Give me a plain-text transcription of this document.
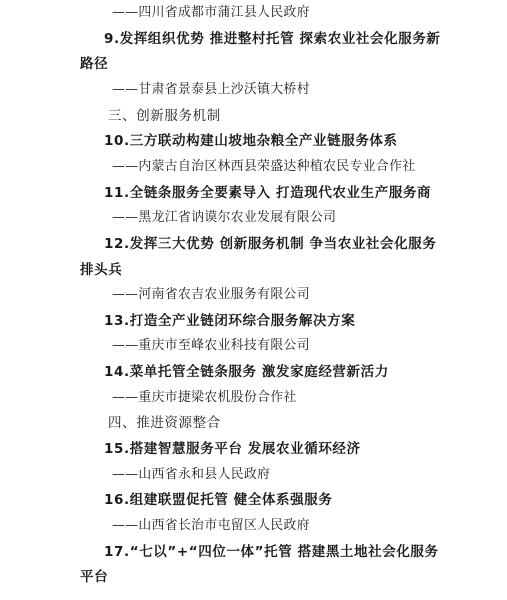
——四川省成都市蒲江县人民政府
9.发挥组织优势 推进整村托管 探索农业社会化服务新
路径
——甘肃省景泰县上沙沃镇大桥村
三、创新服务机制
10.三方联动构建山坡地杂粮全产业链服务体系
——内蒙古自治区林西县荣盛达种植农民专业合作社
11.全链条服务全要素导入 打造现代农业生产服务商
——黑龙江省讷谟尔农业发展有限公司
12.发挥三大优势 创新服务机制 争当农业社会化服务
排头兵
——河南省农吉农业服务有限公司
13.打造全产业链闭环综合服务解决方案
——重庆市至峰农业科技有限公司
14.菜单托管全链条服务 激发家庭经营新活力
——重庆市捷梁农机股份合作社
四、推进资源整合
15.搭建智慧服务平台 发展农业循环经济
——山西省永和县人民政府
16.组建联盟促托管 健全体系强服务
——山西省长治市屯留区人民政府
17.“七以”+“四位一体”托管 搭建黑土地社会化服务
平台
